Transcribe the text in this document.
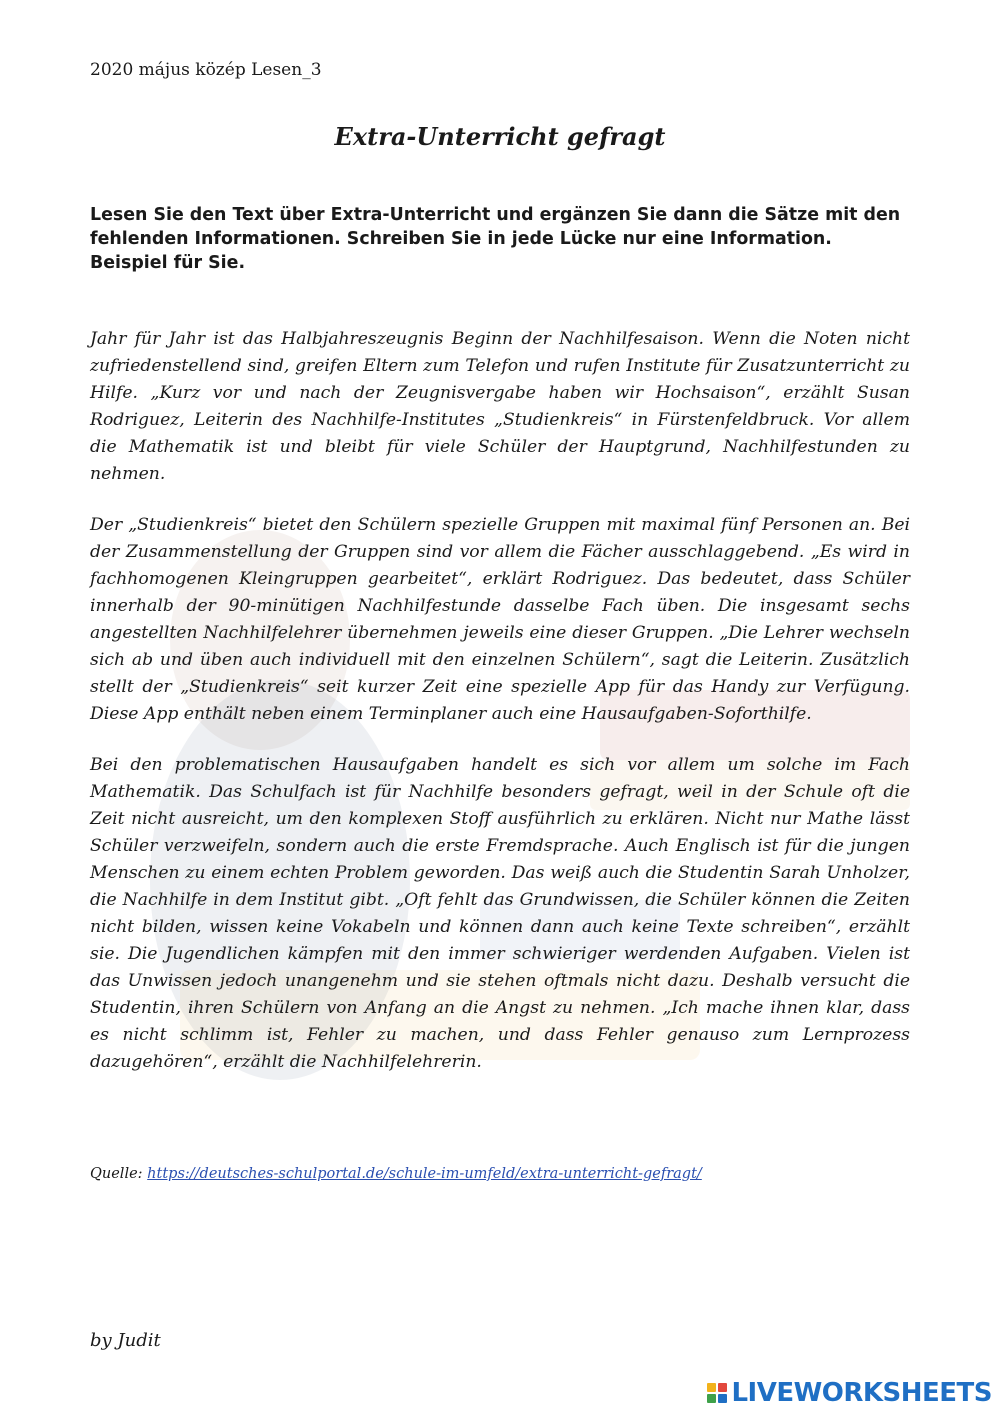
2020 május közép Lesen_3
Extra-Unterricht gefragt
Lesen Sie den Text über Extra-Unterricht und ergänzen Sie dann die Sätze mit den fehlenden Informationen. Schreiben Sie in jede Lücke nur eine Information. Beispiel für Sie.

Jahr für Jahr ist das Halbjahreszeugnis Beginn der Nachhilfesaison. Wenn die Noten nicht zufriedenstellend sind, greifen Eltern zum Telefon und rufen Institute für Zusatzunterricht zu Hilfe. „Kurz vor und nach der Zeugnisvergabe haben wir Hochsaison“, erzählt Susan Rodriguez, Leiterin des Nachhilfe-Institutes „Studienkreis“ in Fürstenfeldbruck. Vor allem die Mathematik ist und bleibt für viele Schüler der Hauptgrund, Nachhilfestunden zu nehmen.

Der „Studienkreis“ bietet den Schülern spezielle Gruppen mit maximal fünf Personen an. Bei der Zusammenstellung der Gruppen sind vor allem die Fächer ausschlaggebend. „Es wird in fachhomogenen Kleingruppen gearbeitet“, erklärt Rodriguez. Das bedeutet, dass Schüler innerhalb der 90-minütigen Nachhilfestunde dasselbe Fach üben. Die insgesamt sechs angestellten Nachhilfelehrer übernehmen jeweils eine dieser Gruppen. „Die Lehrer wechseln sich ab und üben auch individuell mit den einzelnen Schülern“, sagt die Leiterin. Zusätzlich stellt der „Studienkreis“ seit kurzer Zeit eine spezielle App für das Handy zur Verfügung. Diese App enthält neben einem Terminplaner auch eine Hausaufgaben-Soforthilfe.

Bei den problematischen Hausaufgaben handelt es sich vor allem um solche im Fach Mathematik. Das Schulfach ist für Nachhilfe besonders gefragt, weil in der Schule oft die Zeit nicht ausreicht, um den komplexen Stoff ausführlich zu erklären. Nicht nur Mathe lässt Schüler verzweifeln, sondern auch die erste Fremdsprache. Auch Englisch ist für die jungen Menschen zu einem echten Problem geworden. Das weiß auch die Studentin Sarah Unholzer, die Nachhilfe in dem Institut gibt. „Oft fehlt das Grundwissen, die Schüler können die Zeiten nicht bilden, wissen keine Vokabeln und können dann auch keine Texte schreiben“, erzählt sie. Die Jugendlichen kämpfen mit den immer schwieriger werdenden Aufgaben. Vielen ist das Unwissen jedoch unangenehm und sie stehen oftmals nicht dazu. Deshalb versucht die Studentin, ihren Schülern von Anfang an die Angst zu nehmen. „Ich mache ihnen klar, dass es nicht schlimm ist, Fehler zu machen, und dass Fehler genauso zum Lernprozess dazugehören“, erzählt die Nachhilfelehrerin.

Quelle: https://deutsches-schulportal.de/schule-im-umfeld/extra-unterricht-gefragt/
by Judit
LIVEWORKSHEETS
